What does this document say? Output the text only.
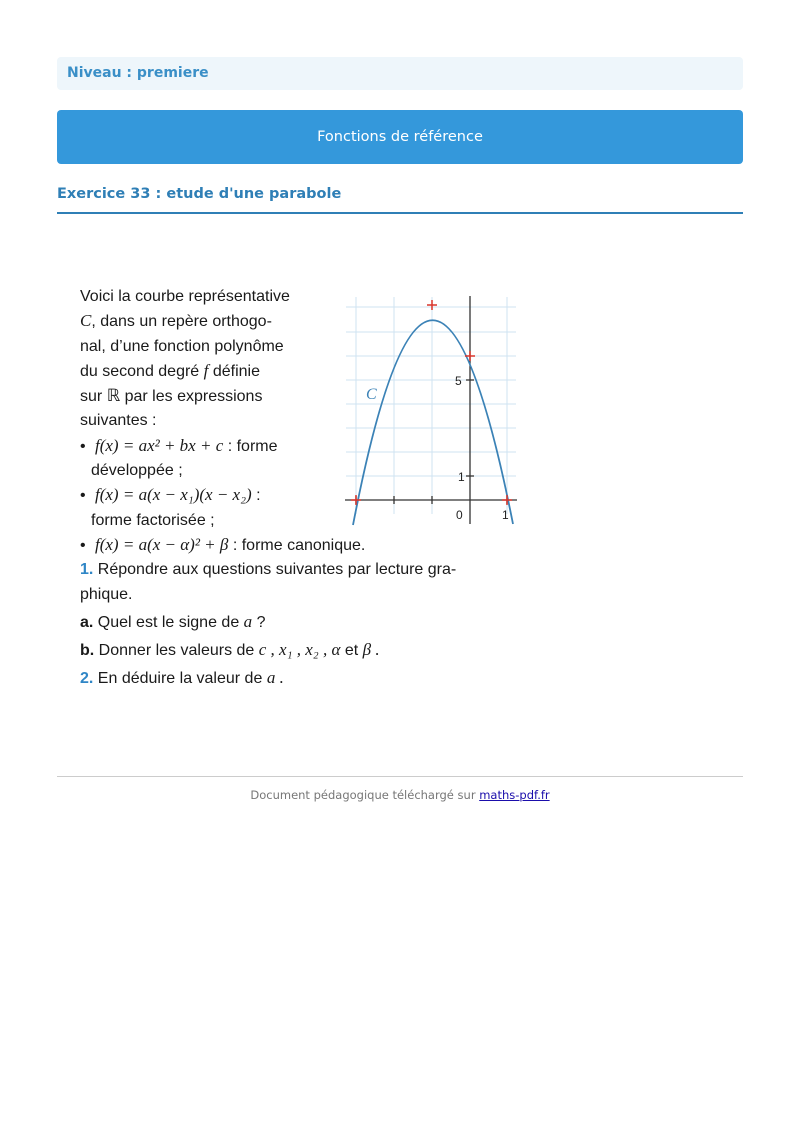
Niveau : premiere
Fonctions de référence
Exercice 33 : etude d'une parabole
Voici la courbe représentative
C, dans un repère orthogo-
nal, d’une fonction polynôme
du second degré f définie
sur ℝ par les expressions
suivantes :
• f(x) = ax² + bx + c : forme
développée ;
• f(x) = a(x − x₁)(x − x₂) :
forme factorisée ;
• f(x) = a(x − α)² + β : forme canonique.
1. Répondre aux questions suivantes par lecture gra-
phique.
a. Quel est le signe de a ?
b. Donner les valeurs de c , x₁ , x₂ , α et β .
2. En déduire la valeur de a .
C
5
1
0	1
Document pédagogique téléchargé sur maths-pdf.fr
